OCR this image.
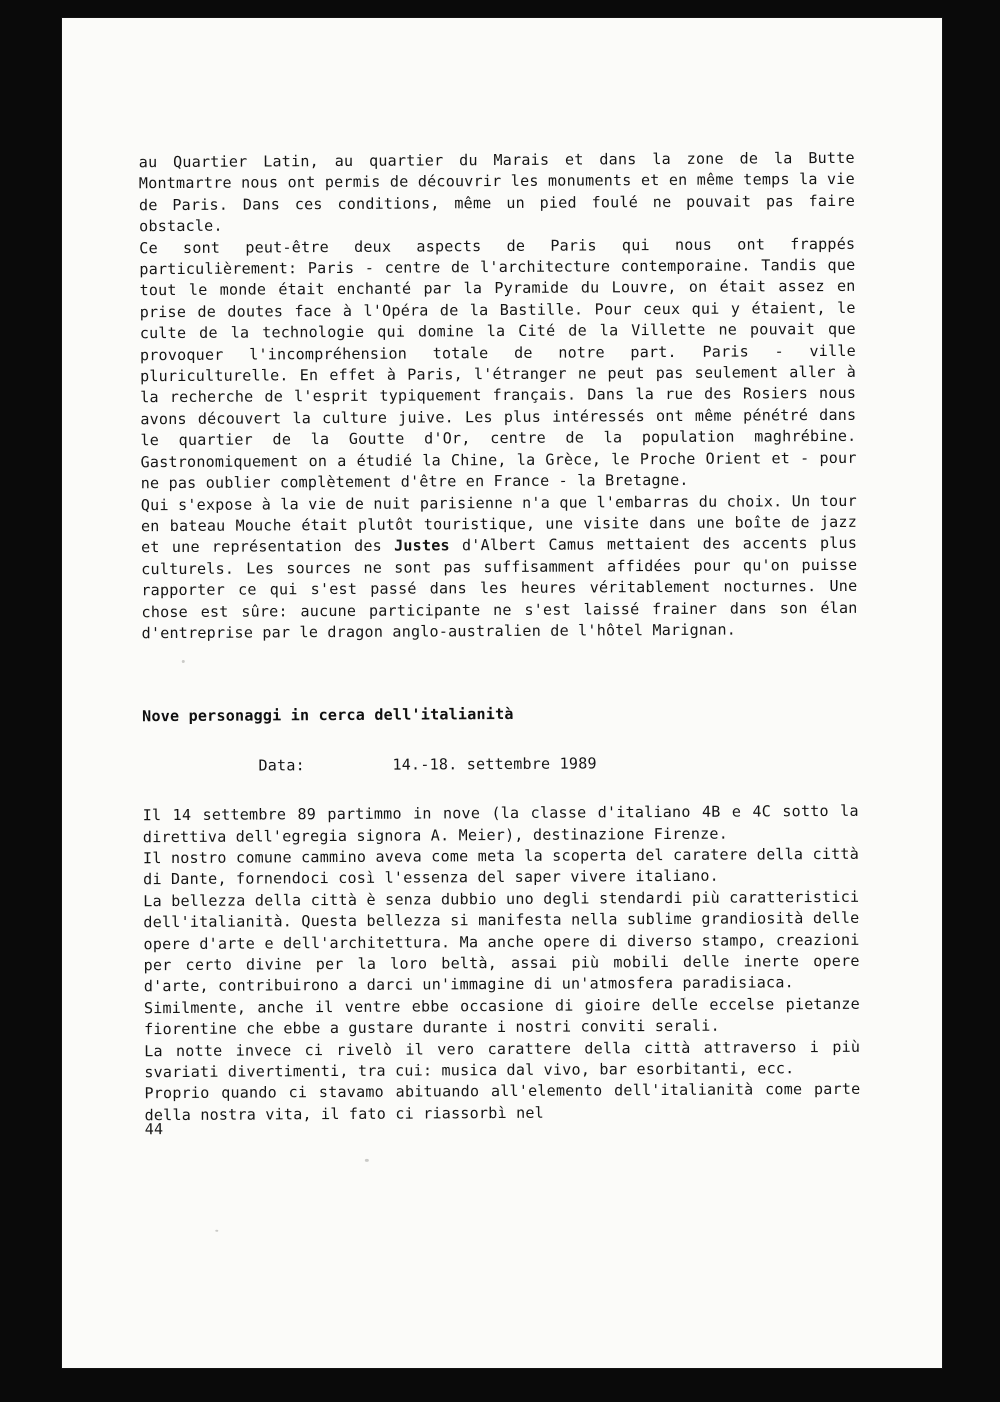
au Quartier Latin, au quartier du Marais et dans la zone de la Butte Montmartre nous ont permis de découvrir les monuments et en même temps la vie de Paris. Dans ces conditions, même un pied foulé ne pouvait pas faire obstacle.

Ce sont peut-être deux aspects de Paris qui nous ont frappés particulièrement: Paris - centre de l'architecture contemporaine. Tandis que tout le monde était enchanté par la Pyramide du Louvre, on était assez en prise de doutes face à l'Opéra de la Bastille. Pour ceux qui y étaient, le culte de la technologie qui domine la Cité de la Villette ne pouvait que provoquer l'incompréhension totale de notre part. Paris - ville pluriculturelle. En effet à Paris, l'étranger ne peut pas seulement aller à la recherche de l'esprit typiquement français. Dans la rue des Rosiers nous avons découvert la culture juive. Les plus intéressés ont même pénétré dans le quartier de la Goutte d'Or, centre de la population maghrébine. Gastronomiquement on a étudié la Chine, la Grèce, le Proche Orient et - pour ne pas oublier complètement d'être en France - la Bretagne.

Qui s'expose à la vie de nuit parisienne n'a que l'embarras du choix. Un tour en bateau Mouche était plutôt touristique, une visite dans une boîte de jazz et une représentation des Justes d'Albert Camus mettaient des accents plus culturels. Les sources ne sont pas suffisamment affidées pour qu'on puisse rapporter ce qui s'est passé dans les heures véritablement nocturnes. Une chose est sûre: aucune participante ne s'est laissé frainer dans son élan d'entreprise par le dragon anglo-australien de l'hôtel Marignan.

Nove personaggi in cerca dell'italianità

Data:	14.-18. settembre 1989

Il 14 settembre 89 partimmo in nove (la classe d'italiano 4B e 4C sotto la direttiva dell'egregia signora A. Meier), destinazione Firenze.

Il nostro comune cammino aveva come meta la scoperta del caratere della città di Dante, fornendoci così l'essenza del saper vivere italiano.

La bellezza della città è senza dubbio uno degli stendardi più caratteristici dell'italianità. Questa bellezza si manifesta nella sublime grandiosità delle opere d'arte e dell'architettura. Ma anche opere di diverso stampo, creazioni per certo divine per la loro beltà, assai più mobili delle inerte opere d'arte, contribuirono a darci un'immagine di un'atmosfera paradisiaca.

Similmente, anche il ventre ebbe occasione di gioire delle eccelse pietanze fiorentine che ebbe a gustare durante i nostri conviti serali.

La notte invece ci rivelò il vero carattere della città attraverso i più svariati divertimenti, tra cui: musica dal vivo, bar esorbitanti, ecc.

Proprio quando ci stavamo abituando all'elemento dell'italianità come parte della nostra vita, il fato ci riassorbì nel

44
